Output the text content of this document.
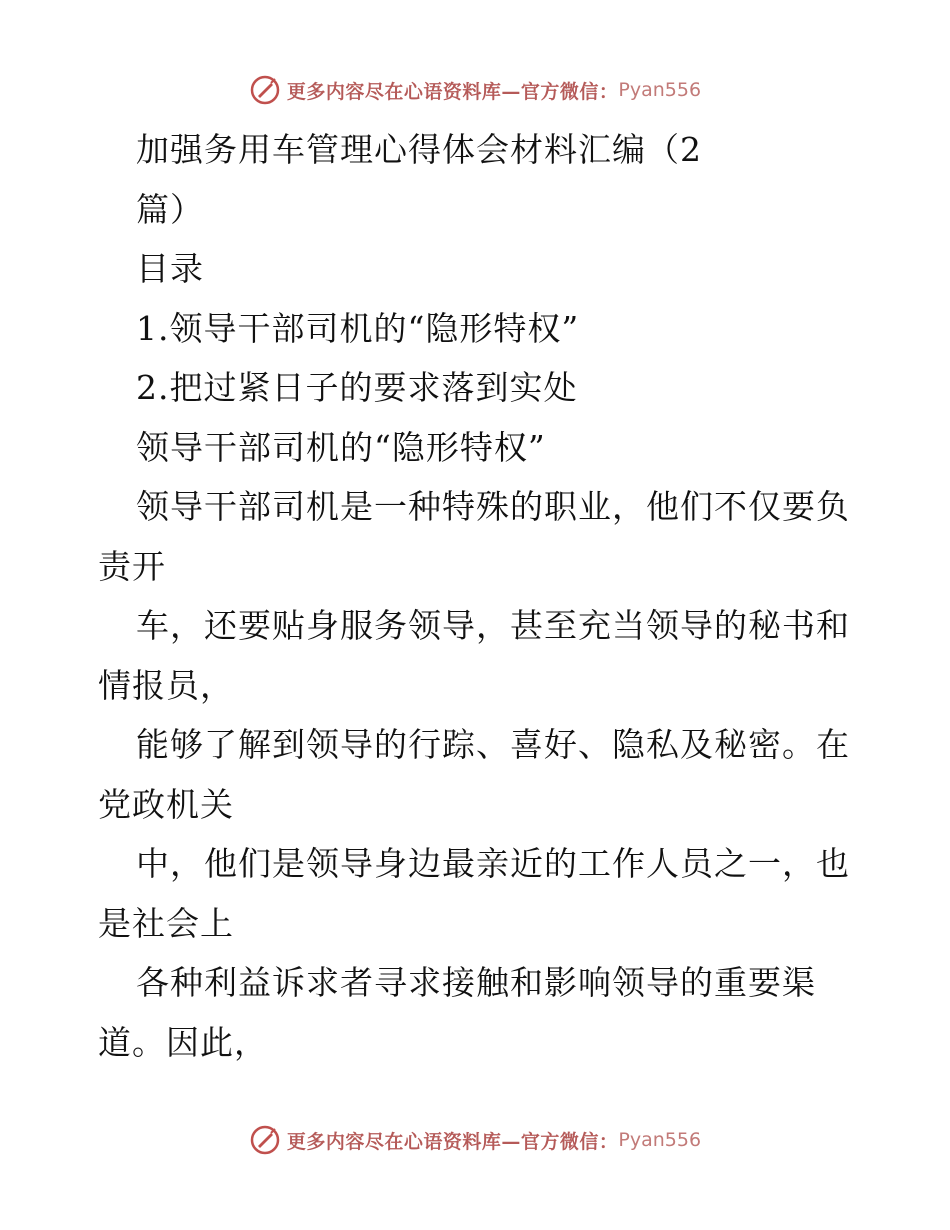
更多内容尽在心语资料库—官方微信： Pyan556
加强务用车管理心得体会材料汇编（2
篇）
目录
1.领导干部司机的“隐形特权”
2.把过紧日子的要求落到实处
领导干部司机的“隐形特权”
领导干部司机是一种特殊的职业，他们不仅要负
责开
车，还要贴身服务领导，甚至充当领导的秘书和
情报员，
能够了解到领导的行踪、喜好、隐私及秘密。在
党政机关
中，他们是领导身边最亲近的工作人员之一，也
是社会上
各种利益诉求者寻求接触和影响领导的重要渠
道。因此，
更多内容尽在心语资料库—官方微信： Pyan556
